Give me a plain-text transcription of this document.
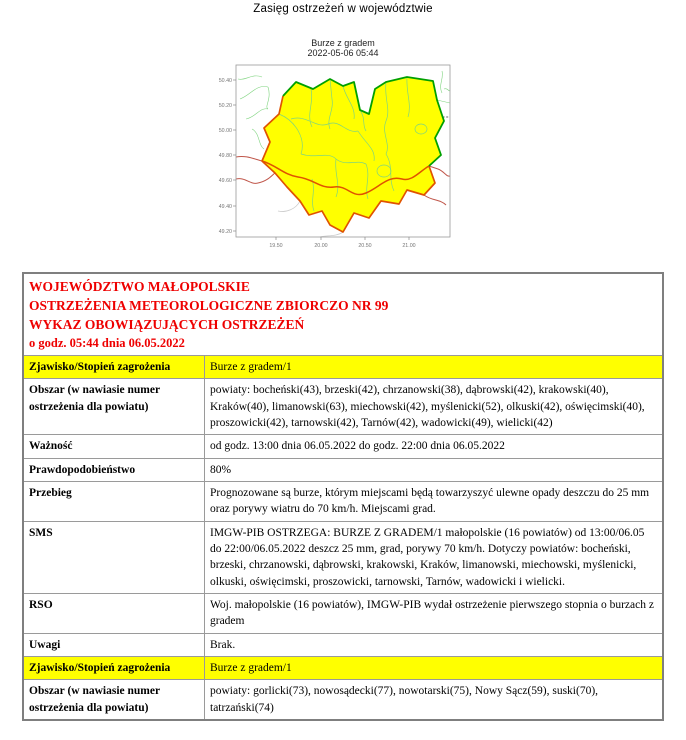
Zasięg ostrzeżeń w województwie
Burze z gradem
2022-05-06 05:44
50.40
50.20
50.00
49.80
49.60
49.40
49.20
19.50	20.00	20.50	21.00
WOJEWÓDZTWO MAŁOPOLSKIE
OSTRZEŻENIA METEOROLOGICZNE ZBIORCZO NR 99
WYKAZ OBOWIĄZUJĄCYCH OSTRZEŻEŃ
o godz. 05:44 dnia 06.05.2022	

Zjawisko/Stopień zagrożenia	Burze z gradem/1
Obszar (w nawiasie numer ostrzeżenia dla powiatu)	powiaty: bocheński(43), brzeski(42), chrzanowski(38), dąbrowski(42), krakowski(40), Kraków(40), limanowski(63), miechowski(42), myślenicki(52), olkuski(42), oświęcimski(40), proszowicki(42), tarnowski(42), Tarnów(42), wadowicki(49), wielicki(42)
Ważność	od godz. 13:00 dnia 06.05.2022 do godz. 22:00 dnia 06.05.2022
Prawdopodobieństwo	80%
Przebieg	Prognozowane są burze, którym miejscami będą towarzyszyć ulewne opady deszczu do 25 mm oraz porywy wiatru do 70 km/h. Miejscami grad.
SMS	IMGW-PIB OSTRZEGA: BURZE Z GRADEM/1 małopolskie (16 powiatów) od 13:00/06.05 do 22:00/06.05.2022 deszcz 25 mm, grad, porywy 70 km/h. Dotyczy powiatów: bocheński, brzeski, chrzanowski, dąbrowski, krakowski, Kraków, limanowski, miechowski, myślenicki, olkuski, oświęcimski, proszowicki, tarnowski, Tarnów, wadowicki i wielicki.
RSO	Woj. małopolskie (16 powiatów), IMGW-PIB wydał ostrzeżenie pierwszego stopnia o burzach z gradem
Uwagi	Brak.
Zjawisko/Stopień zagrożenia	Burze z gradem/1
Obszar (w nawiasie numer ostrzeżenia dla powiatu)	powiaty: gorlicki(73), nowosądecki(77), nowotarski(75), Nowy Sącz(59), suski(70), tatrzański(74)
